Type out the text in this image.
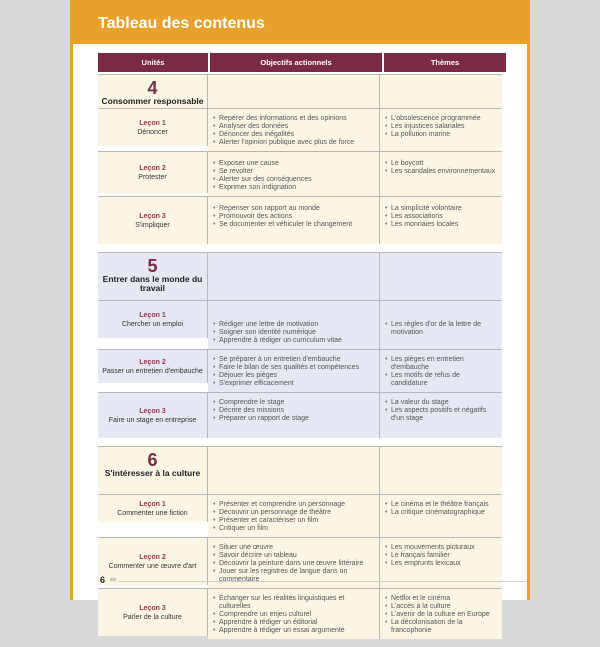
Tableau des contenus
Unités	Objectifs actionnels	Thèmes
4
Consommer responsable
Leçon 1
Dénoncer
• Repérer des informations et des opinions
• Analyser des données
• Dénoncer des inégalités
• Alerter l'opinion publique avec plus de force
• L'obsolescence programmée
• Les injustices salariales
• La pollution marine
Leçon 2
Protester
• Exposer une cause
• Se révolter
• Alerter sur des conséquences
• Exprimer son indignation
• Le boycott
• Les scandales environnementaux
Leçon 3
S'impliquer
• Repenser son rapport au monde
• Promouvoir des actions
• Se documenter et véhiculer le changement
• La simplicité volontaire
• Les associations
• Les monnaies locales
5
Entrer dans le monde du travail
Leçon 1
Chercher un emploi
•	Rédiger une lettre de motivation
• Soigner son identité numérique
• Apprendre à rédiger un curriculum vitae
• Les règles d'or de la lettre de motivation
Leçon 2
Passer un entretien d'embauche
• Se préparer à un entretien d'embauche
• Faire le bilan de ses qualités et compétences
• Déjouer les pièges
• S'exprimer efficacement
• Les pièges en entretien d'embauche
• Les motifs de refus de candidature
Leçon 3
Faire un stage en entreprise
• Comprendre le stage
• Décrire des missions
• Préparer un rapport de stage
• La valeur du stage
• Les aspects positifs et négatifs d'un stage
6
S'intéresser à la culture
Leçon 1
Commenter une fiction
• Présenter et comprendre un personnage
• Découvrir un personnage de théâtre
• Présenter et caractériser un film
• Critiquer un film
• Le cinéma et le théâtre français
• La critique cinématographique
Leçon 2
Commenter une œuvre d'art
• Situer une œuvre
• Savoir décrire un tableau
• Découvrir la peinture dans une œuvre littéraire
• Jouer sur les registres de langue dans un commentaire
• Les mouvements picturaux
• Le français familier
• Les emprunts lexicaux
Leçon 3
Parler de la culture
• Échanger sur les réalités linguistiques et culturelles
• Comprendre un enjeu culturel
• Apprendre à rédiger un éditorial
• Apprendre à rédiger un essai argumenté
• Netflix et le cinéma
• L'accès à la culture
• L'avenir de la culture en Europe
• La décolonisation de la francophonie
6 six
